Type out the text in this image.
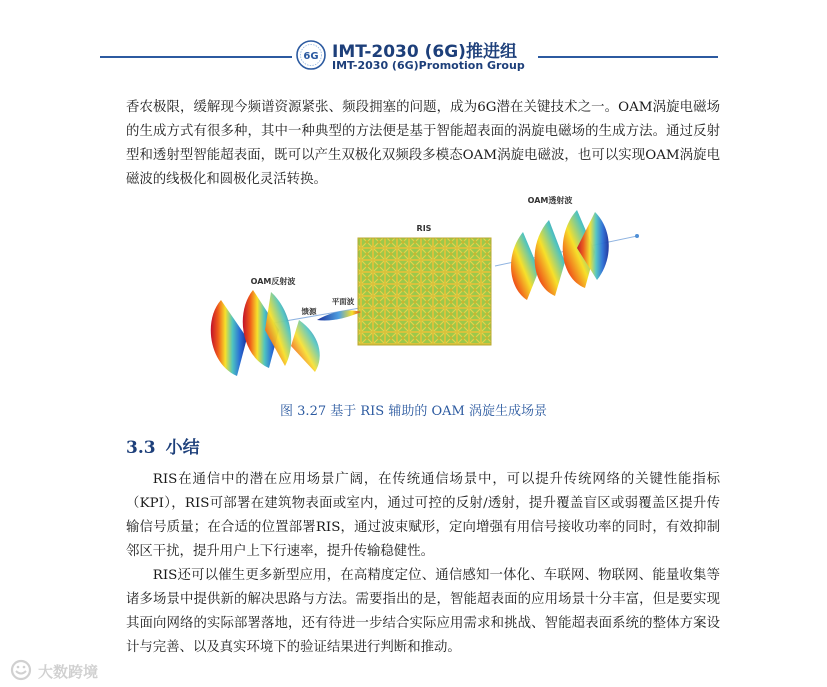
6G IMT-2030 (6G)推进组
IMT-2030 (6G)Promotion Group

香农极限，缓解现今频谱资源紧张、频段拥塞的问题，成为6G潜在关键技术之一。OAM涡旋电磁场的生成方式有很多种，其中一种典型的方法便是基于智能超表面的涡旋电磁场的生成方法。通过反射型和透射型智能超表面，既可以产生双极化双频段多模态OAM涡旋电磁波，也可以实现OAM涡旋电磁波的线极化和圆极化灵活转换。

RIS
OAM透射波
OAM反射波
平面波
馈源
图 3.27 基于 RIS 辅助的 OAM 涡旋生成场景
3.3 小结

RIS在通信中的潜在应用场景广阔，在传统通信场景中，可以提升传统网络的关键性能指标（KPI），RIS可部署在建筑物表面或室内，通过可控的反射/透射，提升覆盖盲区或弱覆盖区提升传输信号质量；在合适的位置部署RIS，通过波束赋形，定向增强有用信号接收功率的同时，有效抑制邻区干扰，提升用户上下行速率，提升传输稳健性。

RIS还可以催生更多新型应用，在高精度定位、通信感知一体化、车联网、物联网、能量收集等诸多场景中提供新的解决思路与方法。需要指出的是，智能超表面的应用场景十分丰富，但是要实现其面向网络的实际部署落地，还有待进一步结合实际应用需求和挑战、智能超表面系统的整体方案设计与完善、以及真实环境下的验证结果进行判断和推动。

大数跨境
